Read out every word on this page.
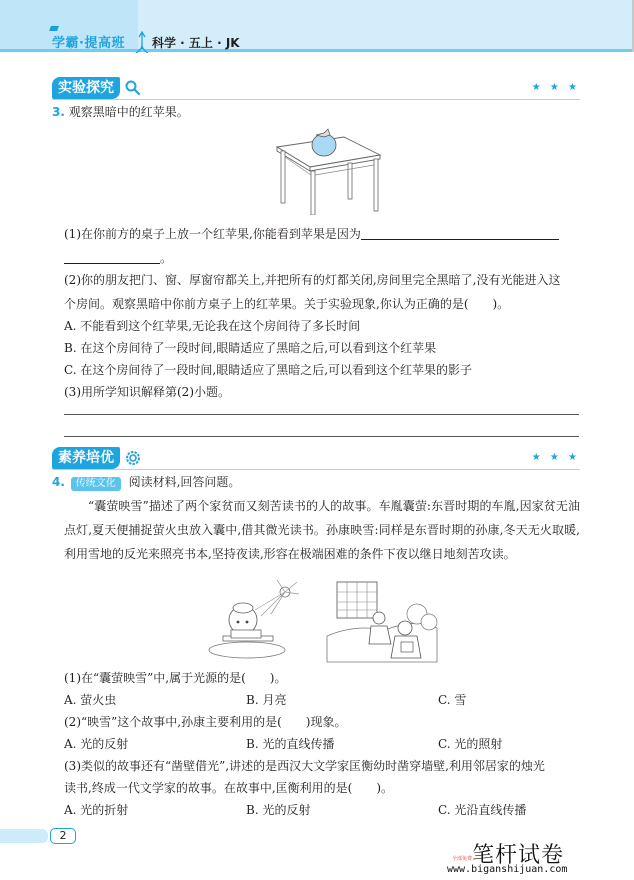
学霸·提高班 科学 · 五上 · JK
实验探究	★ ★ ★
3. 观察黑暗中的红苹果。
(1)在你前方的桌子上放一个红苹果,你能看到苹果是因为
。
(2)你的朋友把门、窗、厚窗帘都关上,并把所有的灯都关闭,房间里完全黑暗了,没有光能进入这
个房间。观察黑暗中你前方桌子上的红苹果。关于实验现象,你认为正确的是(　　)。
A. 不能看到这个红苹果,无论我在这个房间待了多长时间
B. 在这个房间待了一段时间,眼睛适应了黑暗之后,可以看到这个红苹果
C. 在这个房间待了一段时间,眼睛适应了黑暗之后,可以看到这个红苹果的影子
(3)用所学知识解释第(2)小题。
素养培优	★ ★ ★
4. 传统文化 阅读材料,回答问题。
“囊萤映雪”描述了两个家贫而又刻苦读书的人的故事。车胤囊萤:东晋时期的车胤,因家贫无油点灯,夏天便捕捉萤火虫放入囊中,借其微光读书。孙康映雪:同样是东晋时期的孙康,冬天无火取暖,利用雪地的反光来照亮书本,坚持夜读,形容在极端困难的条件下夜以继日地刻苦攻读。
(1)在“囊萤映雪”中,属于光源的是(　　)。
A. 萤火虫	B. 月亮	C. 雪
(2)“映雪”这个故事中,孙康主要利用的是(　　)现象。
A. 光的反射	B. 光的直线传播	C. 光的照射
(3)类似的故事还有“凿壁借光”,讲述的是西汉大文学家匡衡幼时凿穿墙壁,利用邻居家的烛光
读书,终成一代文学家的故事。在故事中,匡衡利用的是(　　)。
A. 光的折射	B. 光的反射	C. 光沿直线传播
2
笔杆试卷
全部免费
www.biganshijuan.com
